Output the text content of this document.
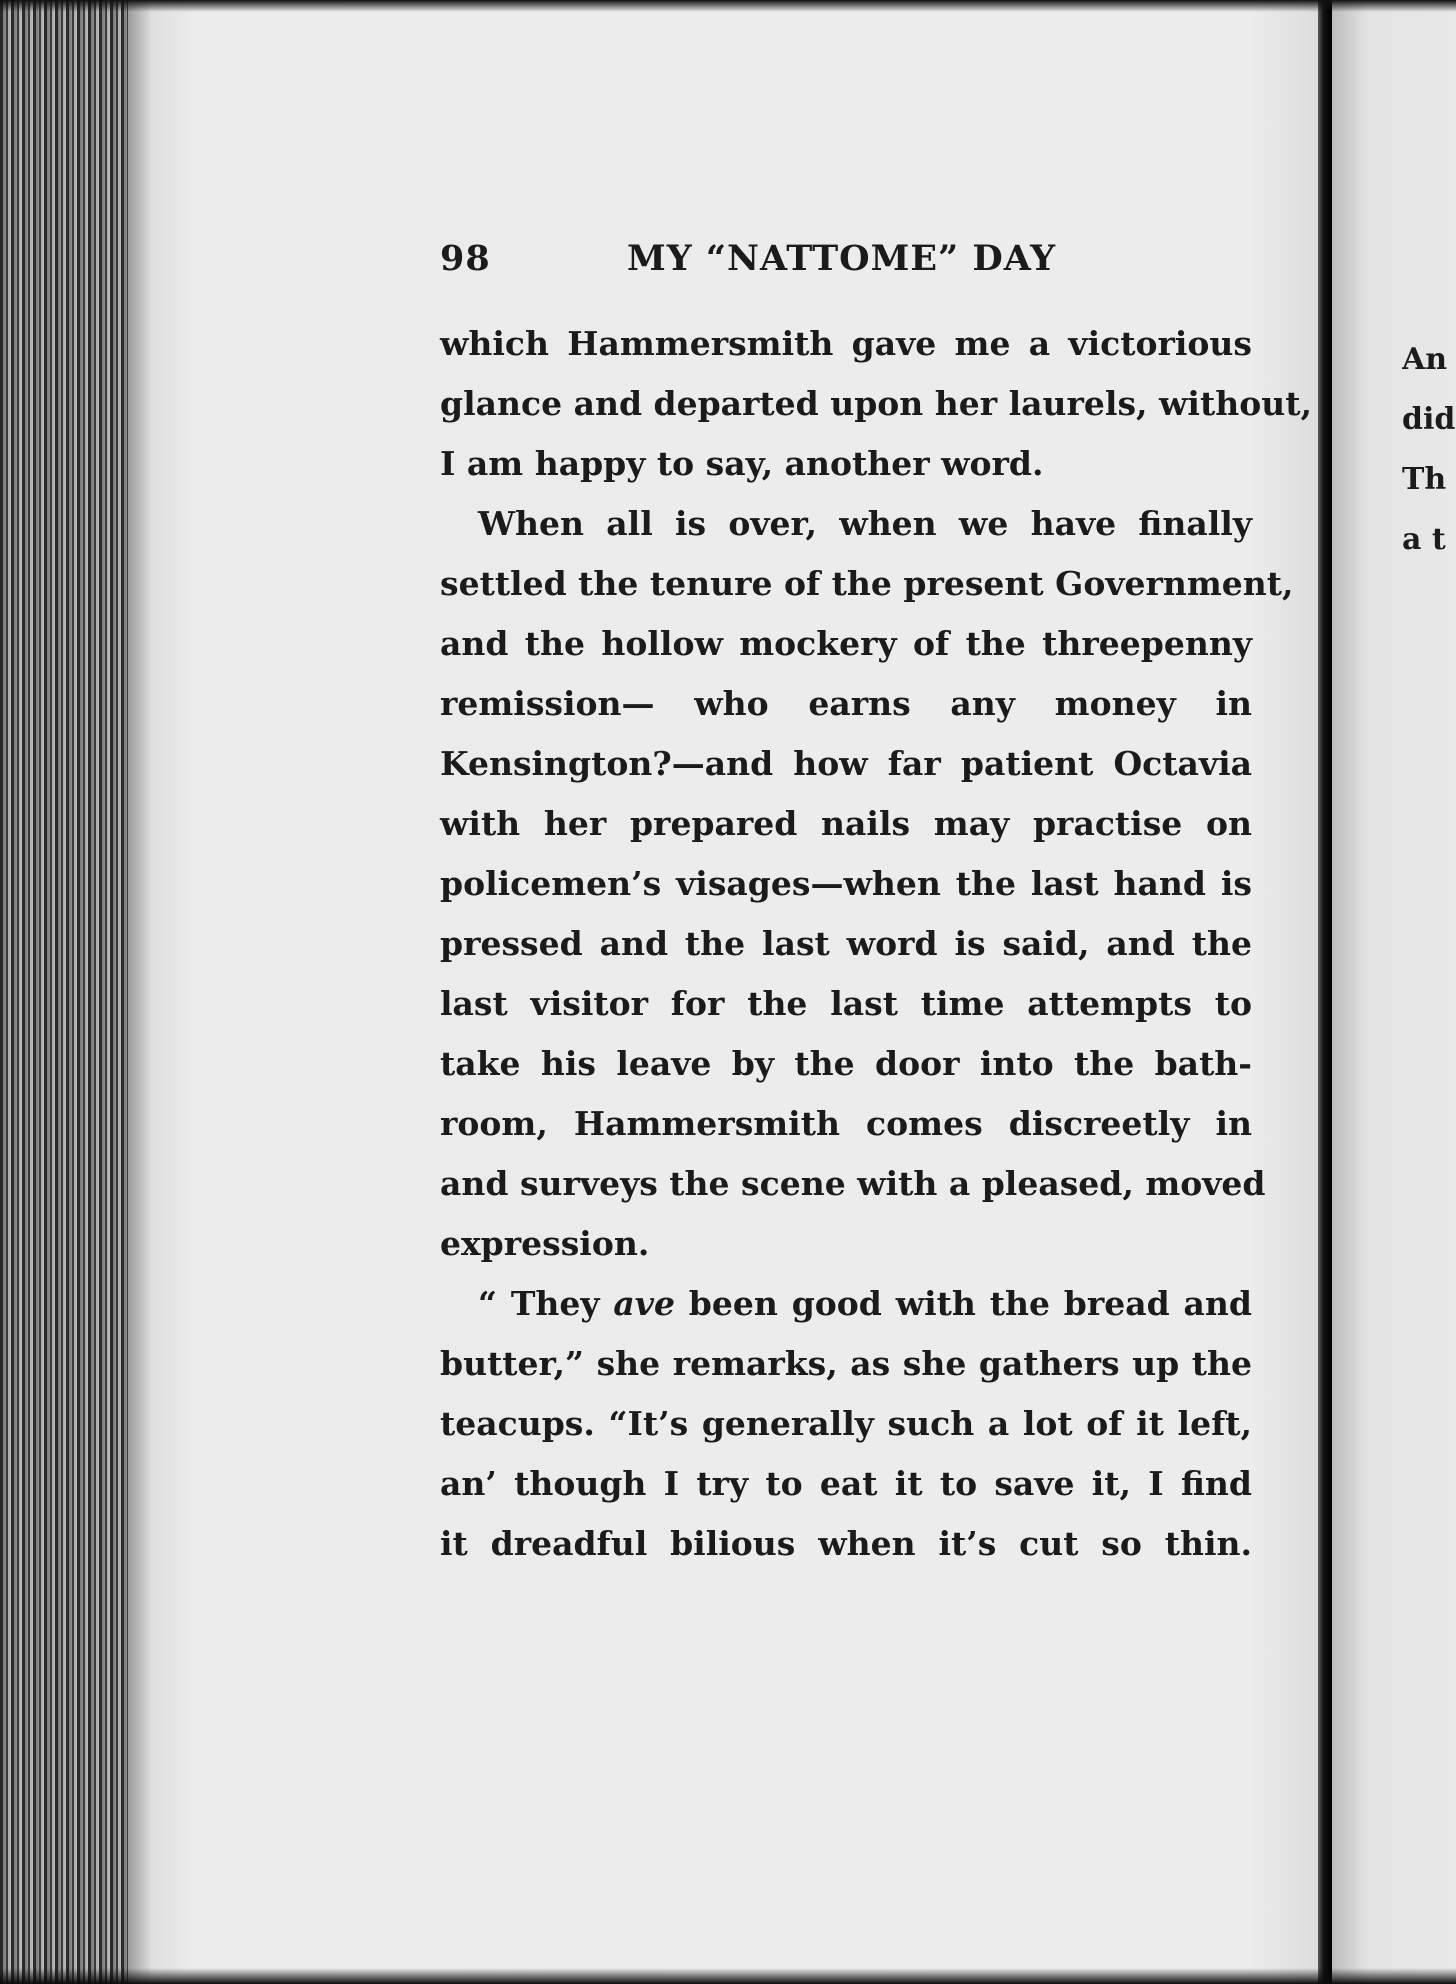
98	MY “NATTOME” DAY
which Hammersmith gave me a victorious
glance and departed upon her laurels, without,
I am happy to say, another word.
When all is over, when we have finally
settled the tenure of the present Government,
and the hollow mockery of the threepenny
remission— who earns any money in
Kensington?—and how far patient Octavia
with her prepared nails may practise on
policemen’s visages—when the last hand is
pressed and the last word is said, and the
last visitor for the last time attempts to
take his leave by the door into the bath-
room, Hammersmith comes discreetly in
and surveys the scene with a pleased, moved
expression.
“ They ave been good with the bread and
butter,” she remarks, as she gathers up the
teacups. “It’s generally such a lot of it left,
an’ though I try to eat it to save it, I find
it dreadful bilious when it’s cut so thin.
An
did
Th
a t
